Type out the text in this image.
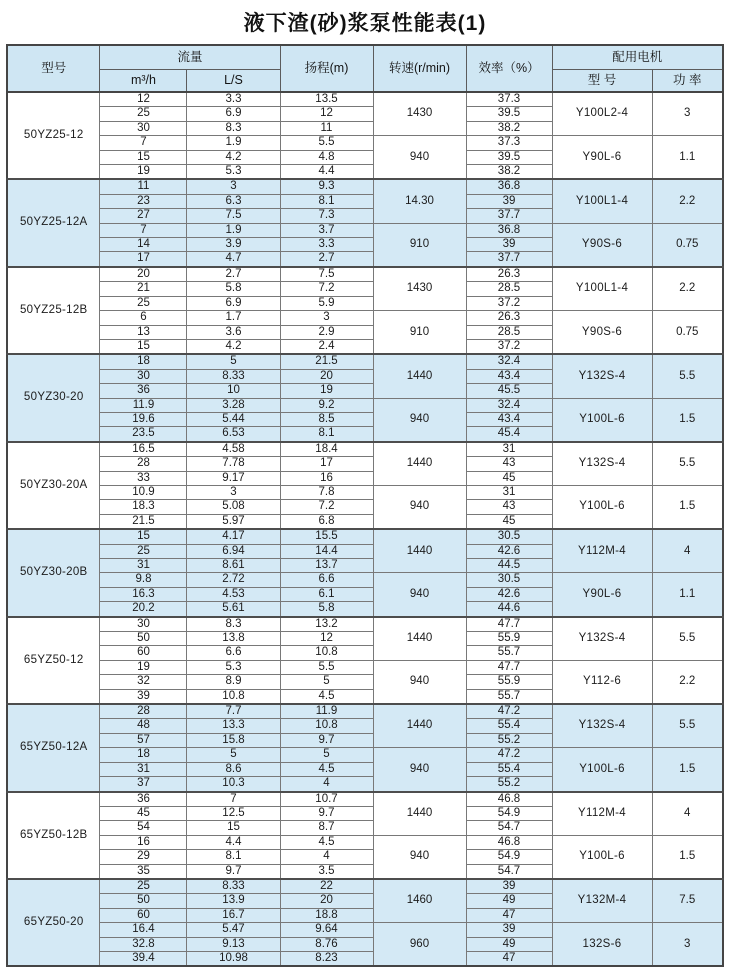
液下渣(砂)浆泵性能表(1)
型号	流量		扬程(m)	转速(r/min)	效率（%）	配用电机	
	m³/h	L/S				型 号	功 率
50YZ25-12	12	3.3	13.5	1430	37.3	Y100L2-4	3
	25	6.9	12		39.5		
	30	8.3	11		38.2		
	7	1.9	5.5	940	37.3	Y90L-6	1.1
	15	4.2	4.8		39.5		
	19	5.3	4.4		38.2		
50YZ25-12A	11	3	9.3	14.30	36.8	Y100L1-4	2.2
	23	6.3	8.1		39		
	27	7.5	7.3		37.7		
	7	1.9	3.7	910	36.8	Y90S-6	0.75
	14	3.9	3.3		39		
	17	4.7	2.7		37.7		
50YZ25-12B	20	2.7	7.5	1430	26.3	Y100L1-4	2.2
	21	5.8	7.2		28.5		
	25	6.9	5.9		37.2		
	6	1.7	3	910	26.3	Y90S-6	0.75
	13	3.6	2.9		28.5		
	15	4.2	2.4		37.2		
50YZ30-20	18	5	21.5	1440	32.4	Y132S-4	5.5
	30	8.33	20		43.4		
	36	10	19		45.5		
	11.9	3.28	9.2	940	32.4	Y100L-6	1.5
	19.6	5.44	8.5		43.4		
	23.5	6.53	8.1		45.4		
50YZ30-20A	16.5	4.58	18.4	1440	31	Y132S-4	5.5
	28	7.78	17		43		
	33	9.17	16		45		
	10.9	3	7.8	940	31	Y100L-6	1.5
	18.3	5.08	7.2		43		
	21.5	5.97	6.8		45		
50YZ30-20B	15	4.17	15.5	1440	30.5	Y112M-4	4
	25	6.94	14.4		42.6		
	31	8.61	13.7		44.5		
	9.8	2.72	6.6	940	30.5	Y90L-6	1.1
	16.3	4.53	6.1		42.6		
	20.2	5.61	5.8		44.6		
65YZ50-12	30	8.3	13.2	1440	47.7	Y132S-4	5.5
	50	13.8	12		55.9		
	60	6.6	10.8		55.7		
	19	5.3	5.5	940	47.7	Y112-6	2.2
	32	8.9	5		55.9		
	39	10.8	4.5		55.7		
65YZ50-12A	28	7.7	11.9	1440	47.2	Y132S-4	5.5
	48	13.3	10.8		55.4		
	57	15.8	9.7		55.2		
	18	5	5	940	47.2	Y100L-6	1.5
	31	8.6	4.5		55.4		
	37	10.3	4		55.2		
65YZ50-12B	36	7	10.7	1440	46.8	Y112M-4	4
	45	12.5	9.7		54.9		
	54	15	8.7		54.7		
	16	4.4	4.5	940	46.8	Y100L-6	1.5
	29	8.1	4		54.9		
	35	9.7	3.5		54.7		
65YZ50-20	25	8.33	22	1460	39	Y132M-4	7.5
	50	13.9	20		49		
	60	16.7	18.8		47		
	16.4	5.47	9.64	960	39	132S-6	3
	32.8	9.13	8.76		49		
	39.4	10.98	8.23		47		
